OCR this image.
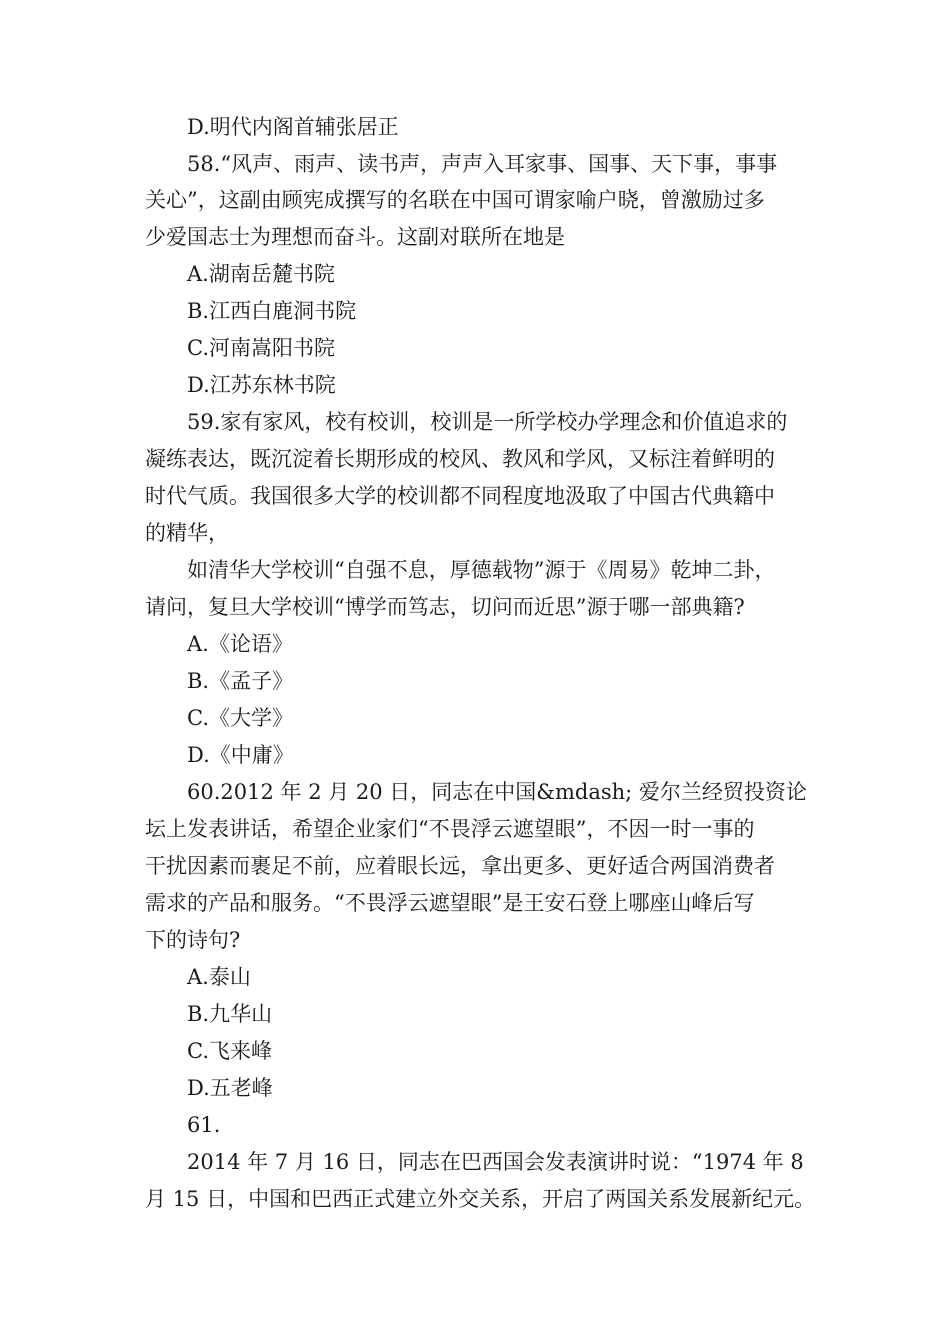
D.明代内阁首辅张居正
58.“风声、雨声、读书声，声声入耳家事、国事、天下事，事事
关心”，这副由顾宪成撰写的名联在中国可谓家喻户晓，曾激励过多
少爱国志士为理想而奋斗。这副对联所在地是
A.湖南岳麓书院
B.江西白鹿洞书院
C.河南嵩阳书院
D.江苏东林书院
59.家有家风，校有校训，校训是一所学校办学理念和价值追求的
凝练表达，既沉淀着长期形成的校风、教风和学风，又标注着鲜明的
时代气质。我国很多大学的校训都不同程度地汲取了中国古代典籍中
的精华，
如清华大学校训“自强不息，厚德载物”源于《周易》乾坤二卦，
请问，复旦大学校训“博学而笃志，切问而近思”源于哪一部典籍?
A.《论语》
B.《孟子》
C.《大学》
D.《中庸》
60.2012 年 2 月 20 日，同志在中国&mdash; 爱尔兰经贸投资论
坛上发表讲话，希望企业家们“不畏浮云遮望眼”，不因一时一事的
干扰因素而裹足不前，应着眼长远，拿出更多、更好适合两国消费者
需求的产品和服务。“不畏浮云遮望眼”是王安石登上哪座山峰后写
下的诗句?
A.泰山
B.九华山
C.飞来峰
D.五老峰
61.
2014 年 7 月 16 日，同志在巴西国会发表演讲时说：“1974 年 8
月 15 日，中国和巴西正式建立外交关系，开启了两国关系发展新纪元。
